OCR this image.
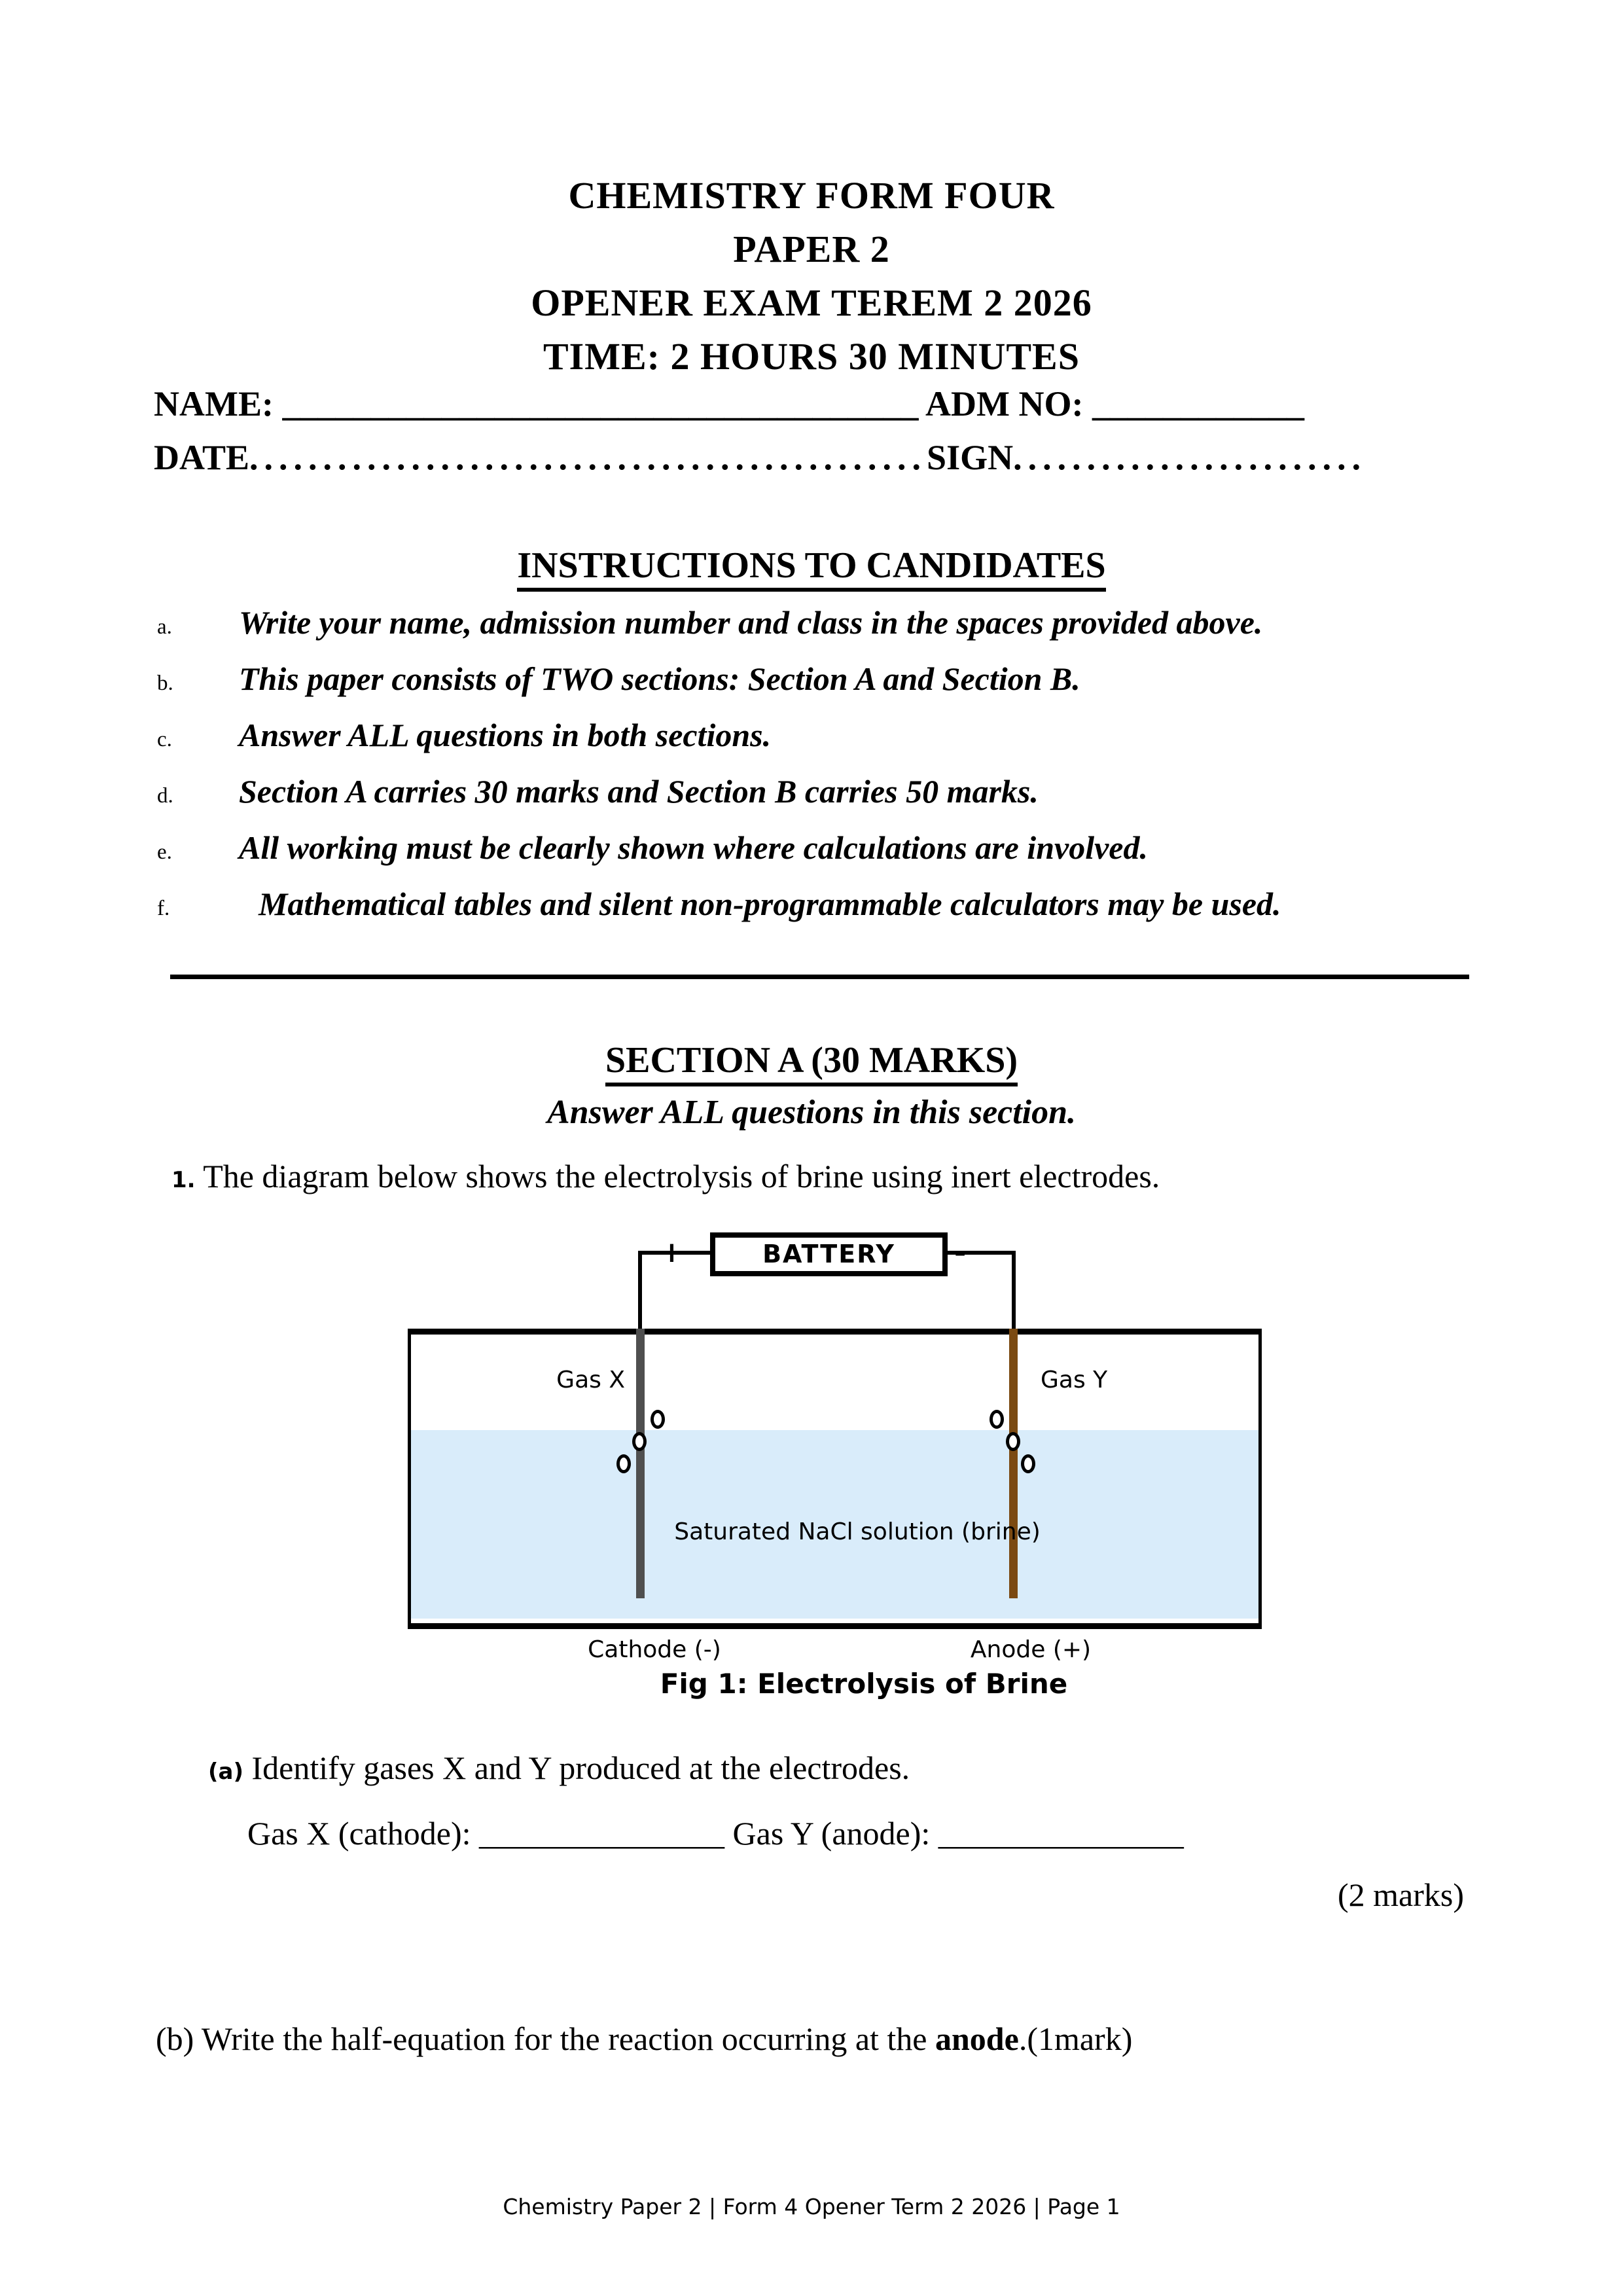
CHEMISTRY FORM FOUR
PAPER 2
OPENER EXAM TEREM 2 2026
TIME: 2 HOURS 30 MINUTES
NAME: ____________________________________ ADM NO: ____________
DATE..............................................SIGN........................
INSTRUCTIONS TO CANDIDATES
a.	Write your name, admission number and class in the spaces provided above.
b.	This paper consists of TWO sections: Section A and Section B.
c.	Answer ALL questions in both sections.
d.	Section A carries 30 marks and Section B carries 50 marks.
e.	All working must be clearly shown where calculations are involved.
f.	Mathematical tables and silent non-programmable calculators may be used.
SECTION A (30 MARKS)
Answer ALL questions in this section.
1. The diagram below shows the electrolysis of brine using inert electrodes.
BATTERY
+	-
Gas X	Gas Y
Saturated NaCl solution (brine)
Cathode (-)	Anode (+)
Fig 1: Electrolysis of Brine
(a) Identify gases X and Y produced at the electrodes.
Gas X (cathode): _______________ Gas Y (anode): _______________
(2 marks)
(b) Write the half-equation for the reaction occurring at the anode.(1mark)
Chemistry Paper 2 | Form 4 Opener Term 2 2026 | Page 1
